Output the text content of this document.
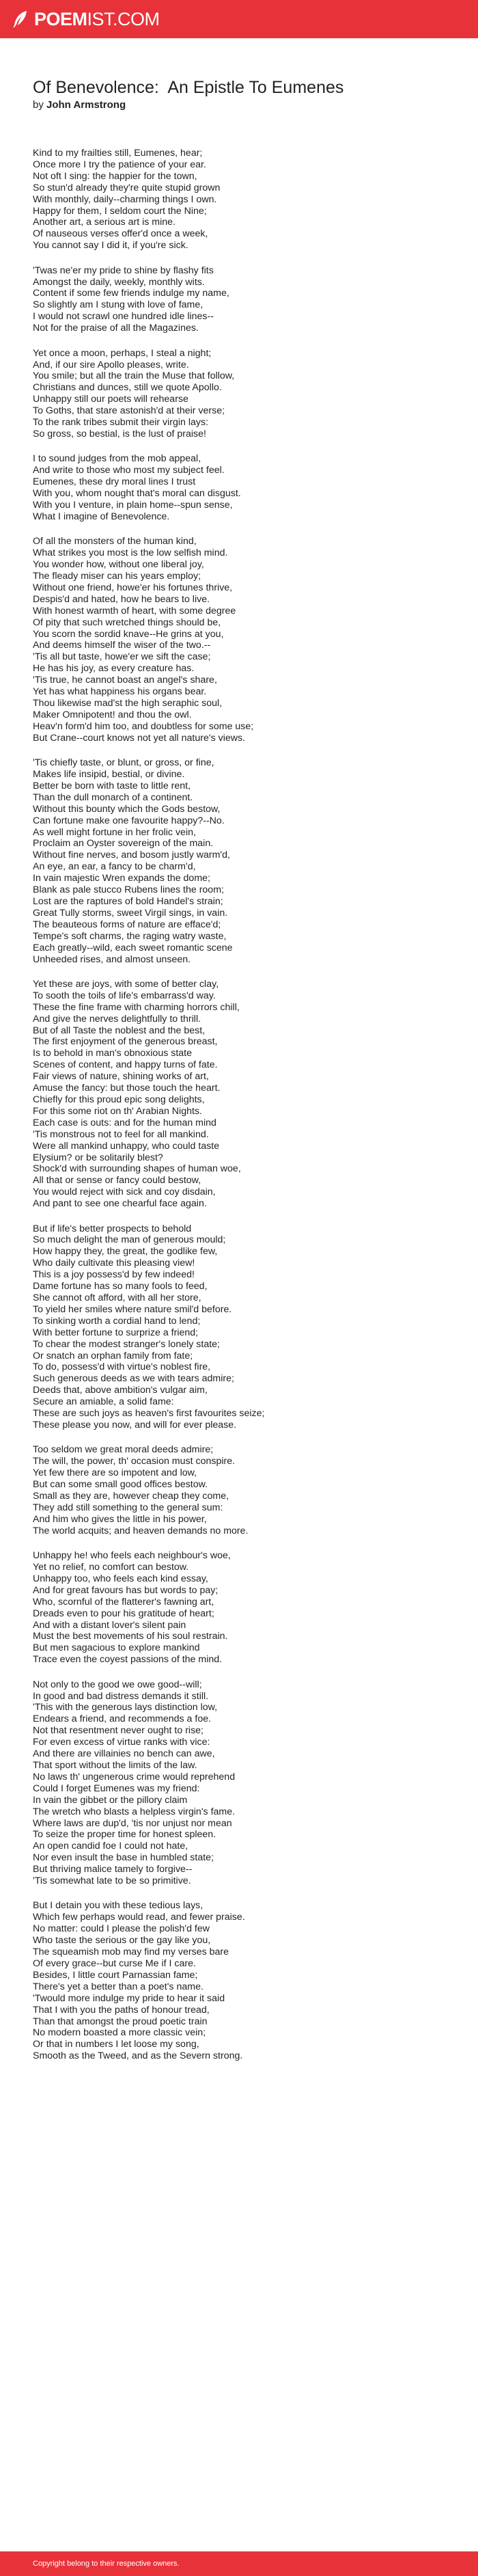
POEMIST.COM
Of Benevolence:  An Epistle To Eumenes
by John Armstrong
Kind to my frailties still, Eumenes, hear;
Once more I try the patience of your ear.
Not oft I sing: the happier for the town,
So stun'd already they're quite stupid grown
With monthly, daily--charming things I own.
Happy for them, I seldom court the Nine;
Another art, a serious art is mine.
Of nauseous verses offer'd once a week,
You cannot say I did it, if you're sick.
'Twas ne'er my pride to shine by flashy fits
Amongst the daily, weekly, monthly wits.
Content if some few friends indulge my name,
So slightly am I stung with love of fame,
I would not scrawl one hundred idle lines--
Not for the praise of all the Magazines.
Yet once a moon, perhaps, I steal a night;
And, if our sire Apollo pleases, write.
You smile; but all the train the Muse that follow,
Christians and dunces, still we quote Apollo.
Unhappy still our poets will rehearse
To Goths, that stare astonish'd at their verse;
To the rank tribes submit their virgin lays:
So gross, so bestial, is the lust of praise!
I to sound judges from the mob appeal,
And write to those who most my subject feel.
Eumenes, these dry moral lines I trust
With you, whom nought that's moral can disgust.
With you I venture, in plain home--spun sense,
What I imagine of Benevolence.
Of all the monsters of the human kind,
What strikes you most is the low selfish mind.
You wonder how, without one liberal joy,
The fleady miser can his years employ;
Without one friend, howe'er his fortunes thrive,
Despis'd and hated, how he bears to live.
With honest warmth of heart, with some degree
Of pity that such wretched things should be,
You scorn the sordid knave--He grins at you,
And deems himself the wiser of the two.--
'Tis all but taste, howe'er we sift the case;
He has his joy, as every creature has.
'Tis true, he cannot boast an angel's share,
Yet has what happiness his organs bear.
Thou likewise mad'st the high seraphic soul,
Maker Omnipotent! and thou the owl.
Heav'n form'd him too, and doubtless for some use;
But Crane--court knows not yet all nature's views.
'Tis chiefly taste, or blunt, or gross, or fine,
Makes life insipid, bestial, or divine.
Better be born with taste to little rent,
Than the dull monarch of a continent.
Without this bounty which the Gods bestow,
Can fortune make one favourite happy?--No.
As well might fortune in her frolic vein,
Proclaim an Oyster sovereign of the main.
Without fine nerves, and bosom justly warm'd,
An eye, an ear, a fancy to be charm'd,
In vain majestic Wren expands the dome;
Blank as pale stucco Rubens lines the room;
Lost are the raptures of bold Handel's strain;
Great Tully storms, sweet Virgil sings, in vain.
The beauteous forms of nature are efface'd;
Tempe's soft charms, the raging watry waste,
Each greatly--wild, each sweet romantic scene
Unheeded rises, and almost unseen.
Yet these are joys, with some of better clay,
To sooth the toils of life's embarrass'd way.
These the fine frame with charming horrors chill,
And give the nerves delightfully to thrill.
But of all Taste the noblest and the best,
The first enjoyment of the generous breast,
Is to behold in man's obnoxious state
Scenes of content, and happy turns of fate.
Fair views of nature, shining works of art,
Amuse the fancy: but those touch the heart.
Chiefly for this proud epic song delights,
For this some riot on th' Arabian Nights.
Each case is outs: and for the human mind
'Tis monstrous not to feel for all mankind.
Were all mankind unhappy, who could taste
Elysium? or be solitarily blest?
Shock'd with surrounding shapes of human woe,
All that or sense or fancy could bestow,
You would reject with sick and coy disdain,
And pant to see one chearful face again.
But if life's better prospects to behold
So much delight the man of generous mould;
How happy they, the great, the godlike few,
Who daily cultivate this pleasing view!
This is a joy possess'd by few indeed!
Dame fortune has so many fools to feed,
She cannot oft afford, with all her store,
To yield her smiles where nature smil'd before.
To sinking worth a cordial hand to lend;
With better fortune to surprize a friend;
To chear the modest stranger's lonely state;
Or snatch an orphan family from fate;
To do, possess'd with virtue's noblest fire,
Such generous deeds as we with tears admire;
Deeds that, above ambition's vulgar aim,
Secure an amiable, a solid fame:
These are such joys as heaven's first favourites seize;
These please you now, and will for ever please.
Too seldom we great moral deeds admire;
The will, the power, th' occasion must conspire.
Yet few there are so impotent and low,
But can some small good offices bestow.
Small as they are, however cheap they come,
They add still something to the general sum:
And him who gives the little in his power,
The world acquits; and heaven demands no more.
Unhappy he! who feels each neighbour's woe,
Yet no relief, no comfort can bestow.
Unhappy too, who feels each kind essay,
And for great favours has but words to pay;
Who, scornful of the flatterer's fawning art,
Dreads even to pour his gratitude of heart;
And with a distant lover's silent pain
Must the best movements of his soul restrain.
But men sagacious to explore mankind
Trace even the coyest passions of the mind.
Not only to the good we owe good--will;
In good and bad distress demands it still.
'This with the generous lays distinction low,
Endears a friend, and recommends a foe.
Not that resentment never ought to rise;
For even excess of virtue ranks with vice:
And there are villainies no bench can awe,
That sport without the limits of the law.
No laws th' ungenerous crime would reprehend
Could I forget Eumenes was my friend:
In vain the gibbet or the pillory claim
The wretch who blasts a helpless virgin's fame.
Where laws are dup'd, 'tis nor unjust nor mean
To seize the proper time for honest spleen.
An open candid foe I could not hate,
Nor even insult the base in humbled state;
But thriving malice tamely to forgive--
'Tis somewhat late to be so primitive.
But I detain you with these tedious lays,
Which few perhaps would read, and fewer praise.
No matter: could I please the polish'd few
Who taste the serious or the gay like you,
The squeamish mob may find my verses bare
Of every grace--but curse Me if I care.
Besides, I little court Parnassian fame;
There's yet a better than a poet's name.
'Twould more indulge my pride to hear it said
That I with you the paths of honour tread,
Than that amongst the proud poetic train
No modern boasted a more classic vein;
Or that in numbers I let loose my song,
Smooth as the Tweed, and as the Severn strong.
Copyright belong to their respective owners.
